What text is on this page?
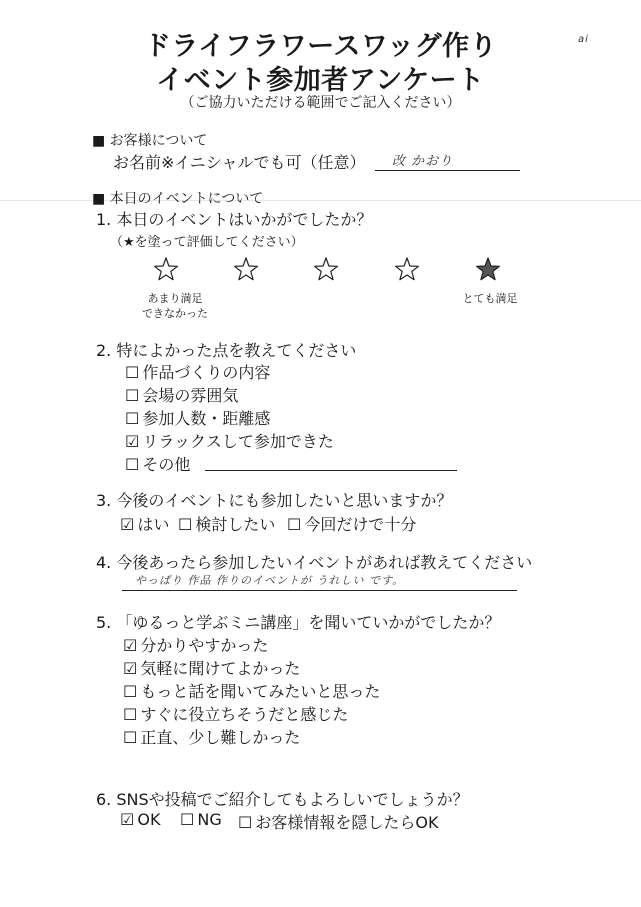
ドライフラワースワッグ作り
イベント参加者アンケート
（ご協力いただける範囲でご記入ください）
ai
■ お客様について
お名前※イニシャルでも可（任意） 改 かおり
■ 本日のイベントについて
1. 本日のイベントはいかがでしたか？
（★を塗って評価してください）
あまり満足
できなかった
とても満足
2. 特によかった点を教えてください
☐ 作品づくりの内容
☐ 会場の雰囲気
☐ 参加人数・距離感
☑ リラックスして参加できた
☐ その他
3. 今後のイベントにも参加したいと思いますか？
☑ はい ☐ 検討したい ☐ 今回だけで十分
4. 今後あったら参加したいイベントがあれば教えてください
やっぱり 作品 作りのイベントが うれしい です。
5. 「ゆるっと学ぶミニ講座」を聞いていかがでしたか？
☑ 分かりやすかった
☑ 気軽に聞けてよかった
☐ もっと話を聞いてみたいと思った
☐ すぐに役立ちそうだと感じた
☐ 正直、少し難しかった
6. SNSや投稿でご紹介してもよろしいでしょうか？
☑ OK ☐ NG ☐ お客様情報を隠したらOK
